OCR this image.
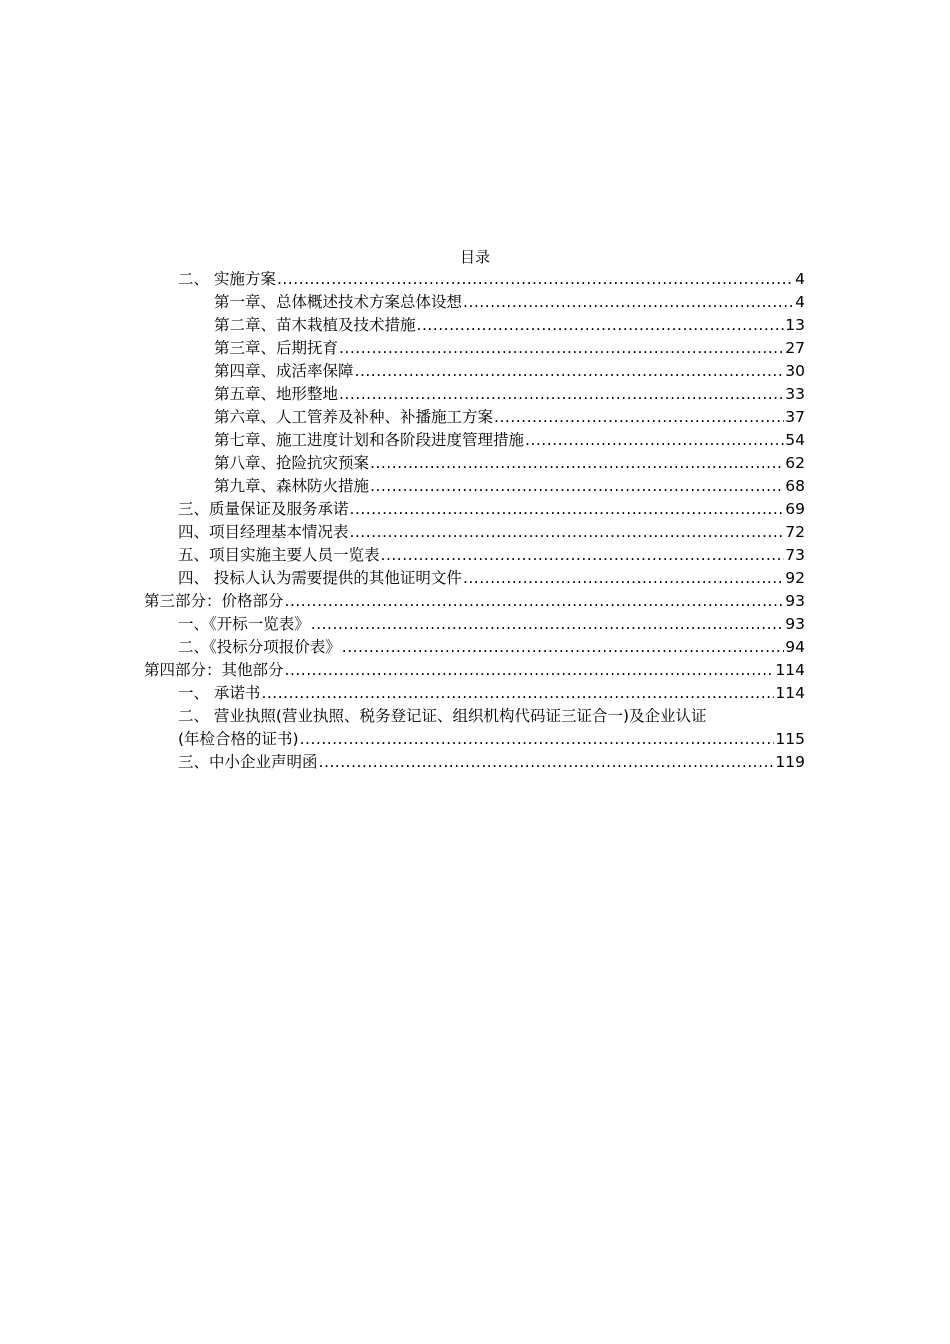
目录
二、 实施方案 .....	4
第一章、总体概述技术方案总体设想 .....	4
第二章、苗木栽植及技术措施 .....	13
第三章、后期抚育 .....	27
第四章、成活率保障 .....	30
第五章、地形整地 .....	33
第六章、人工管养及补种、补播施工方案 .....	37
第七章、施工进度计划和各阶段进度管理措施 .....	54
第八章、抢险抗灾预案 .....	62
第九章、森林防火措施 .....	68
三、质量保证及服务承诺 .....	69
四、项目经理基本情况表 .....	72
五、项目实施主要人员一览表 .....	73
四、 投标人认为需要提供的其他证明文件 .....	92
第三部分：价格部分 .....	93
一、《开标一览表》 .....	93
二、《投标分项报价表》 .....	94
第四部分：其他部分 .....	114
一、 承诺书 .....	114
二、 营业执照(营业执照、税务登记证、组织机构代码证三证合一)及企业认证
(年检合格的证书) .....	115
三、中小企业声明函 .....	119
